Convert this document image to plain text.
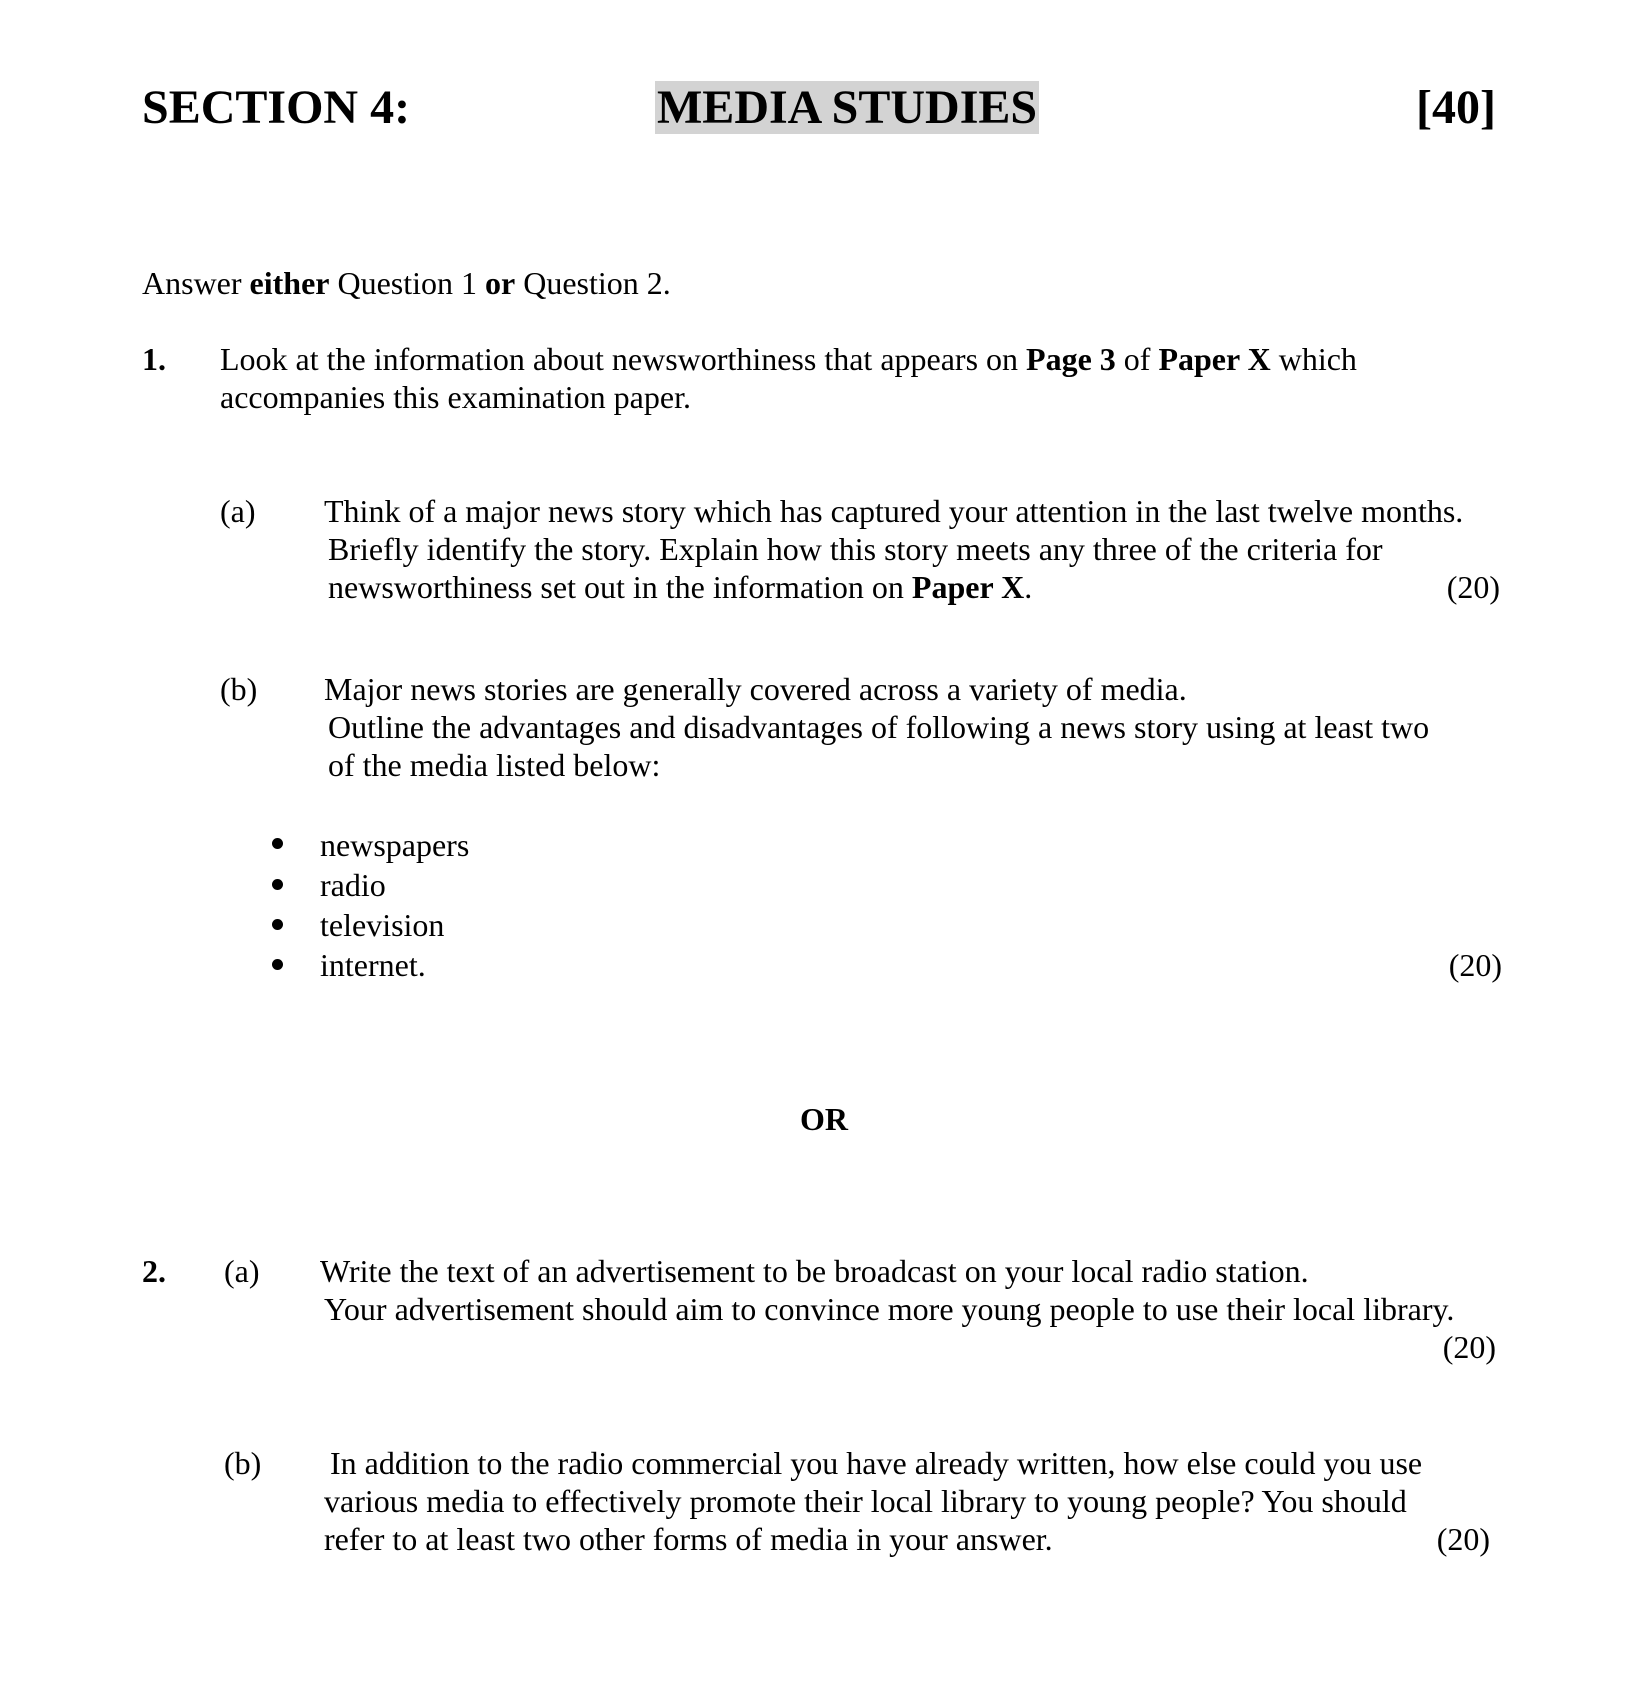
SECTION 4:	MEDIA STUDIES	[40]
Answer either Question 1 or Question 2.
1. Look at the information about newsworthiness that appears on Page 3 of Paper X which
accompanies this examination paper.
(a) Think of a major news story which has captured your attention in the last twelve months.
Briefly identify the story. Explain how this story meets any three of the criteria for
newsworthiness set out in the information on Paper X.	(20)
(b) Major news stories are generally covered across a variety of media.
Outline the advantages and disadvantages of following a news story using at least two
of the media listed below:
newspapers
radio
television
internet.	(20)
OR
2. (a) Write the text of an advertisement to be broadcast on your local radio station.
Your advertisement should aim to convince more young people to use their local library.
(20)
(b) In addition to the radio commercial you have already written, how else could you use
various media to effectively promote their local library to young people? You should
refer to at least two other forms of media in your answer.	(20)
